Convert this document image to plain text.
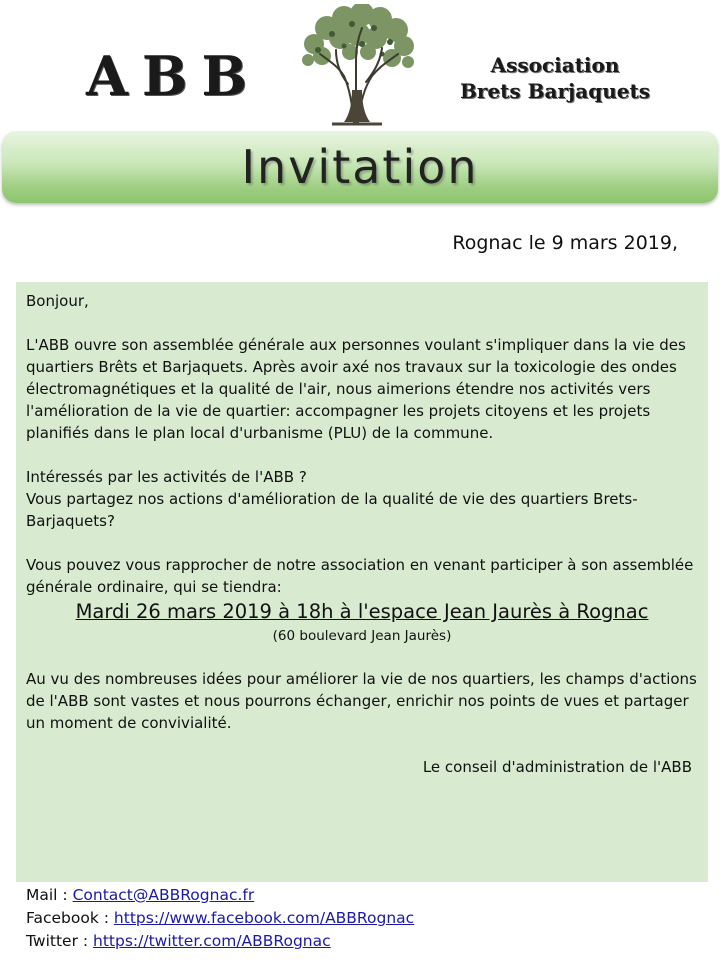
ABB	Association
Brets Barjaquets
Invitation
Rognac le 9 mars 2019,

Bonjour,

L'ABB ouvre son assemblée générale aux personnes voulant s'impliquer dans la vie des quartiers Brêts et Barjaquets. Après avoir axé nos travaux sur la toxicologie des ondes électromagnétiques et la qualité de l'air, nous aimerions étendre nos activités vers l'amélioration de la vie de quartier: accompagner les projets citoyens et les projets planifiés dans le plan local d'urbanisme (PLU) de la commune.

Intéressés par les activités de l'ABB ?

Vous partagez nos actions d'amélioration de la qualité de vie des quartiers Brets-Barjaquets?

Vous pouvez vous rapprocher de notre association en venant participer à son assemblée générale ordinaire, qui se tiendra:

Mardi 26 mars 2019 à 18h à l'espace Jean Jaurès à Rognac

(60 boulevard Jean Jaurès)

Au vu des nombreuses idées pour améliorer la vie de nos quartiers, les champs d'actions de l'ABB sont vastes et nous pourrons échanger, enrichir nos points de vues et partager un moment de convivialité.

Le conseil d'administration de l'ABB

Mail : Contact@ABBRognac.fr
Facebook : https://www.facebook.com/ABBRognac
Twitter : https://twitter.com/ABBRognac
